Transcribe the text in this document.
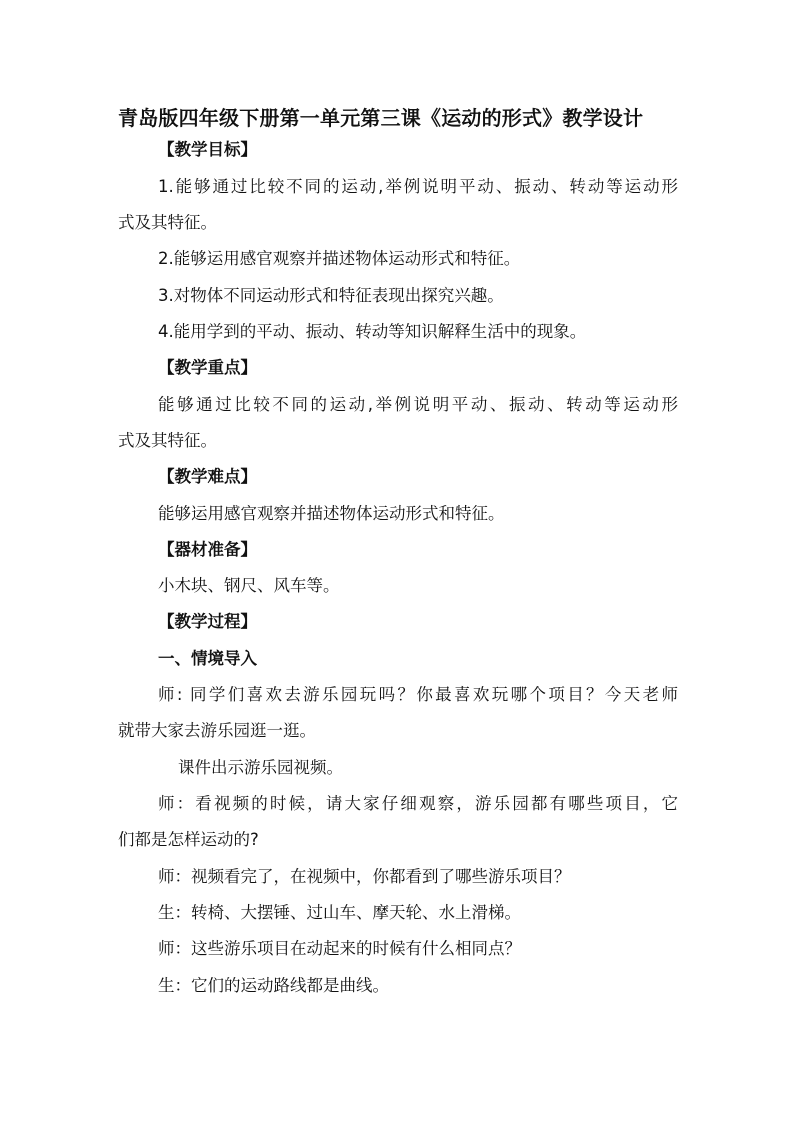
青岛版四年级下册第一单元第三课《运动的形式》教学设计
【教学目标】
1.能够通过比较不同的运动,举例说明平动、振动、转动等运动形
式及其特征。
2.能够运用感官观察并描述物体运动形式和特征。
3.对物体不同运动形式和特征表现出探究兴趣。
4.能用学到的平动、振动、转动等知识解释生活中的现象。
【教学重点】
能够通过比较不同的运动,举例说明平动、振动、转动等运动形
式及其特征。
【教学难点】
能够运用感官观察并描述物体运动形式和特征。
【器材准备】
小木块、钢尺、风车等。
【教学过程】
一、情境导入
师: 同学们喜欢去游乐园玩吗？你最喜欢玩哪个项目？今天老师
就带大家去游乐园逛一逛。
课件出示游乐园视频。
师：看视频的时候，请大家仔细观察，游乐园都有哪些项目，它
们都是怎样运动的?
师：视频看完了，在视频中，你都看到了哪些游乐项目？
生：转椅、大摆锤、过山车、摩天轮、水上滑梯。
师：这些游乐项目在动起来的时候有什么相同点？
生：它们的运动路线都是曲线。
